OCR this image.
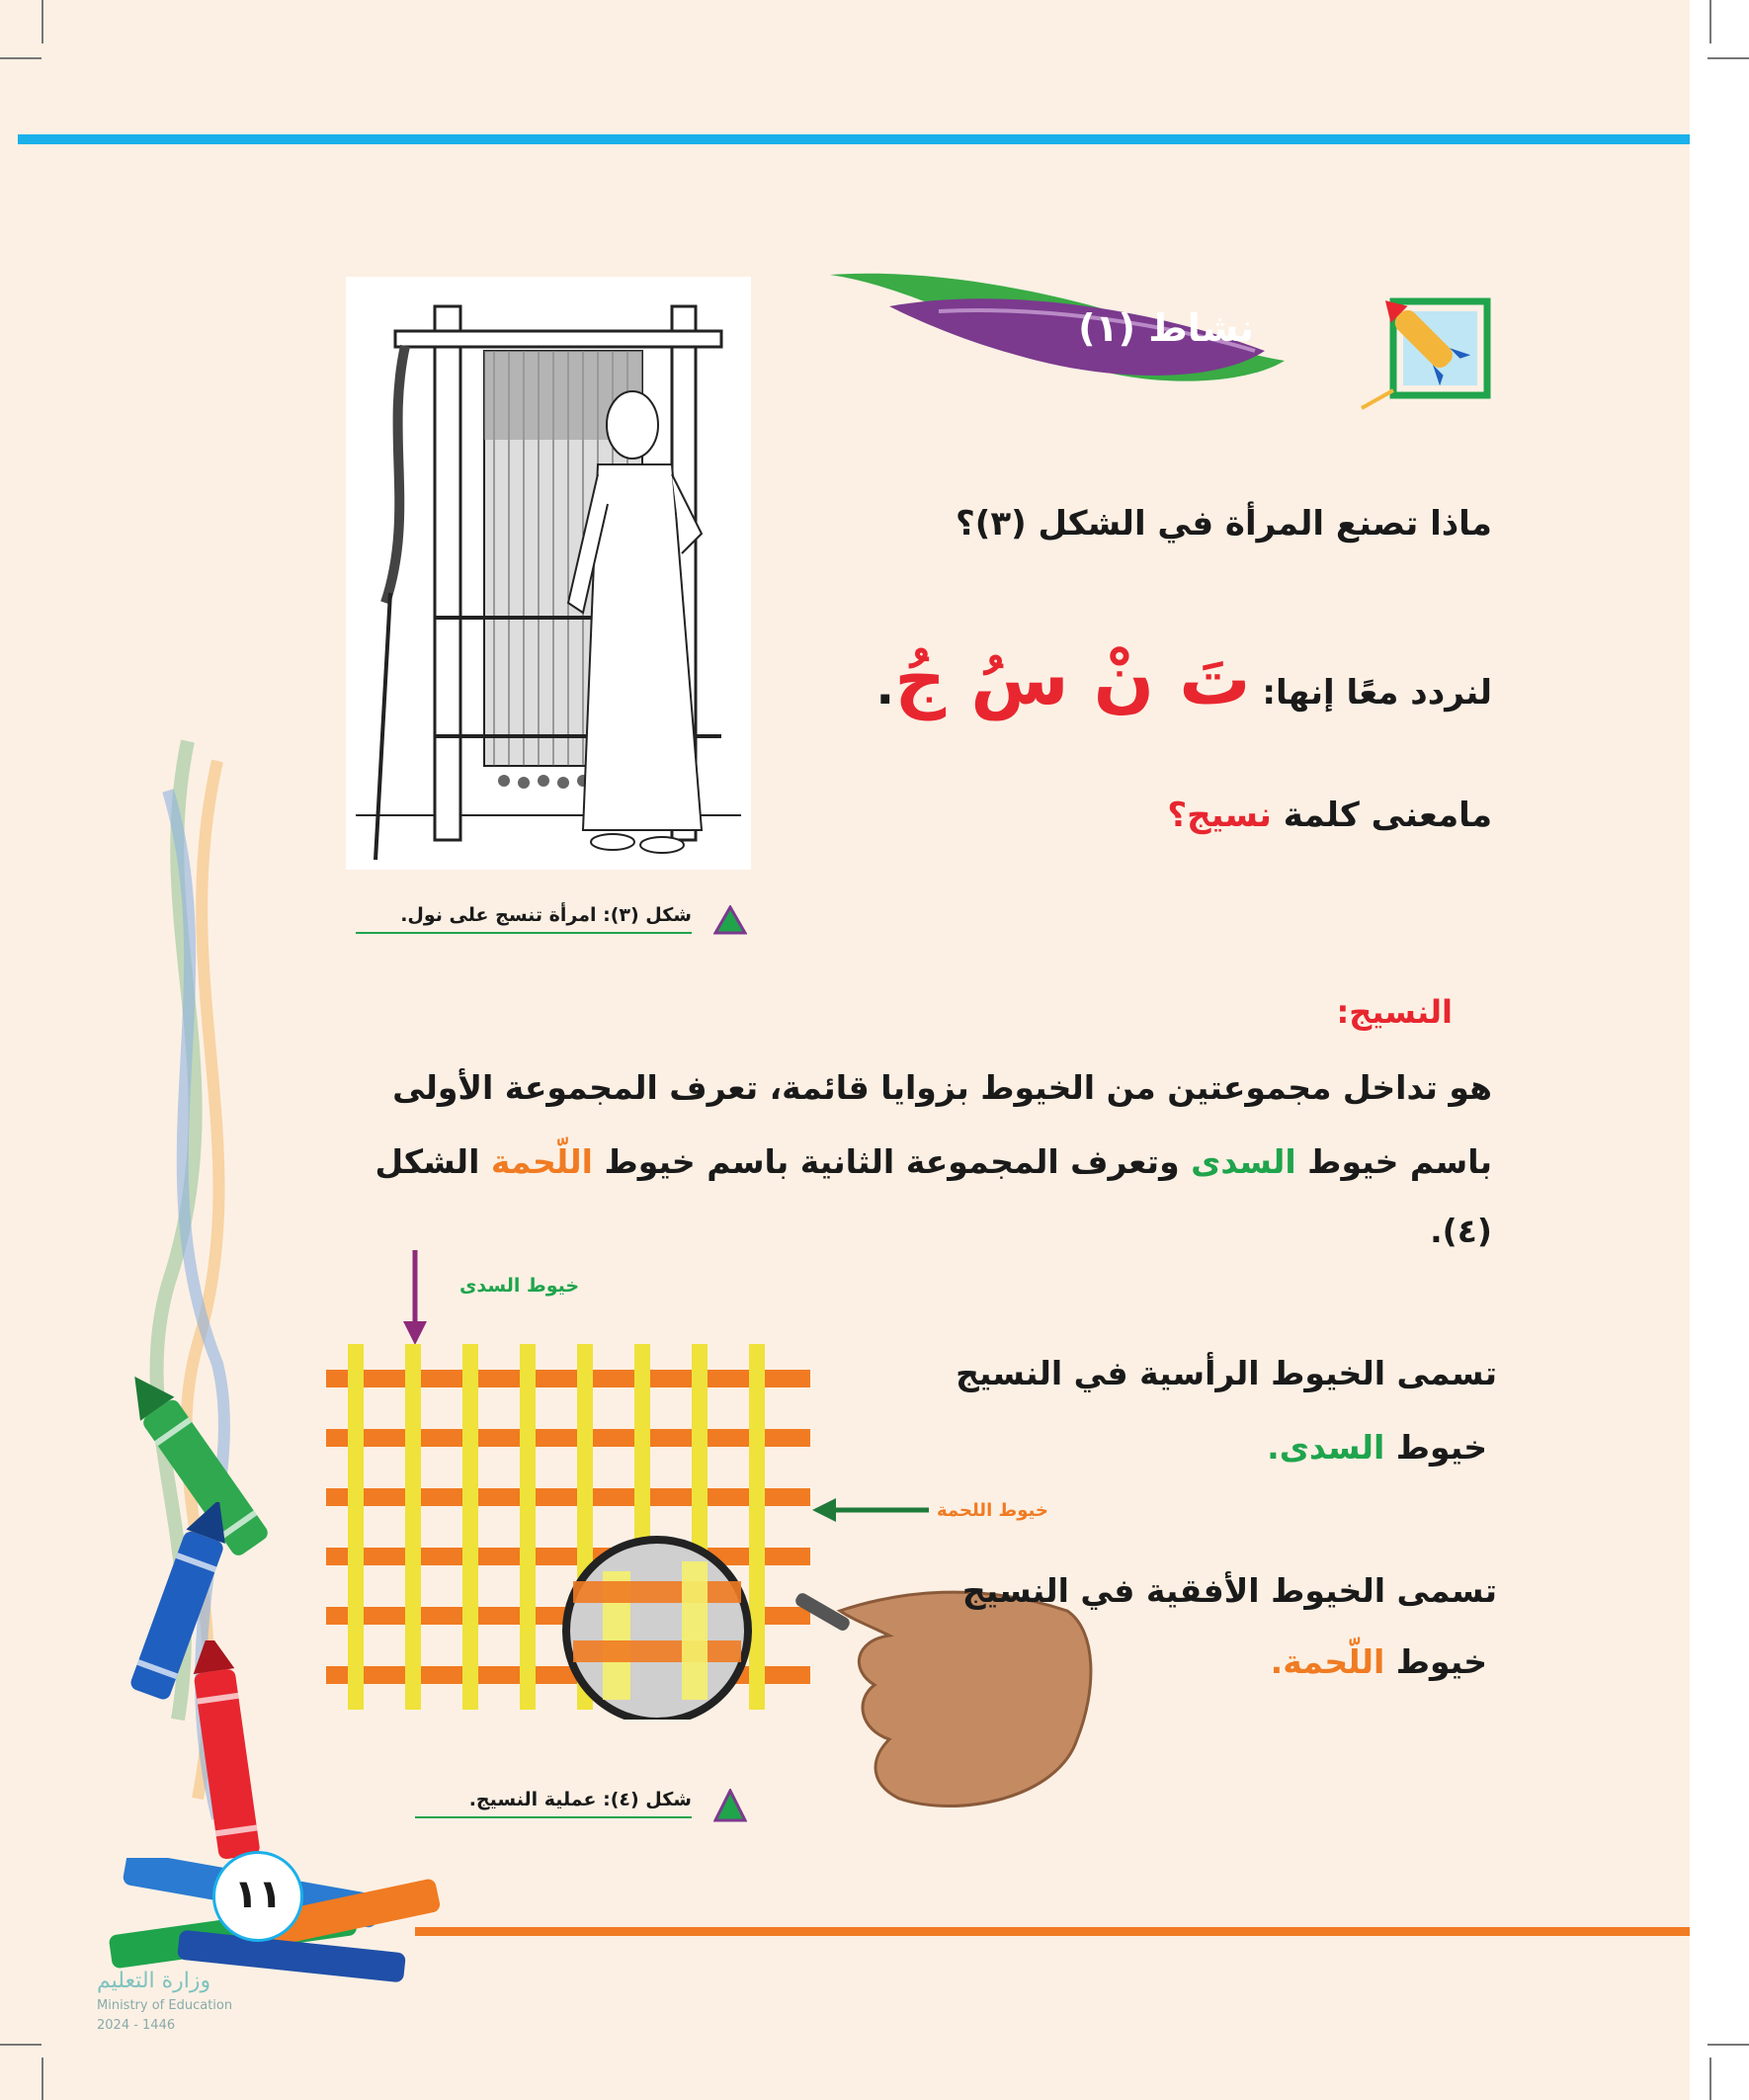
١١
وزارة التعليم
Ministry of Education
2024 - 1446
نشاط (١)
شكل (٣): امرأة تنسج على نول.
ماذا تصنع المرأة في الشكل (٣)؟
لنردد معًا إنها: تَ نْ سُ جُ.
مامعنى كلمة نسيج؟
النسيج:
هو تداخل مجموعتين من الخيوط بزوايا قائمة، تعرف المجموعة الأولى
باسم خيوط السدى وتعرف المجموعة الثانية باسم خيوط اللّحمة الشكل
(٤).
خيوط السدى
خيوط اللحمة
شكل (٤): عملية النسيج.
تسمى الخيوط الرأسية في النسيج
خيوط السدى.
تسمى الخيوط الأفقية في النسيج
خيوط اللّحمة.
